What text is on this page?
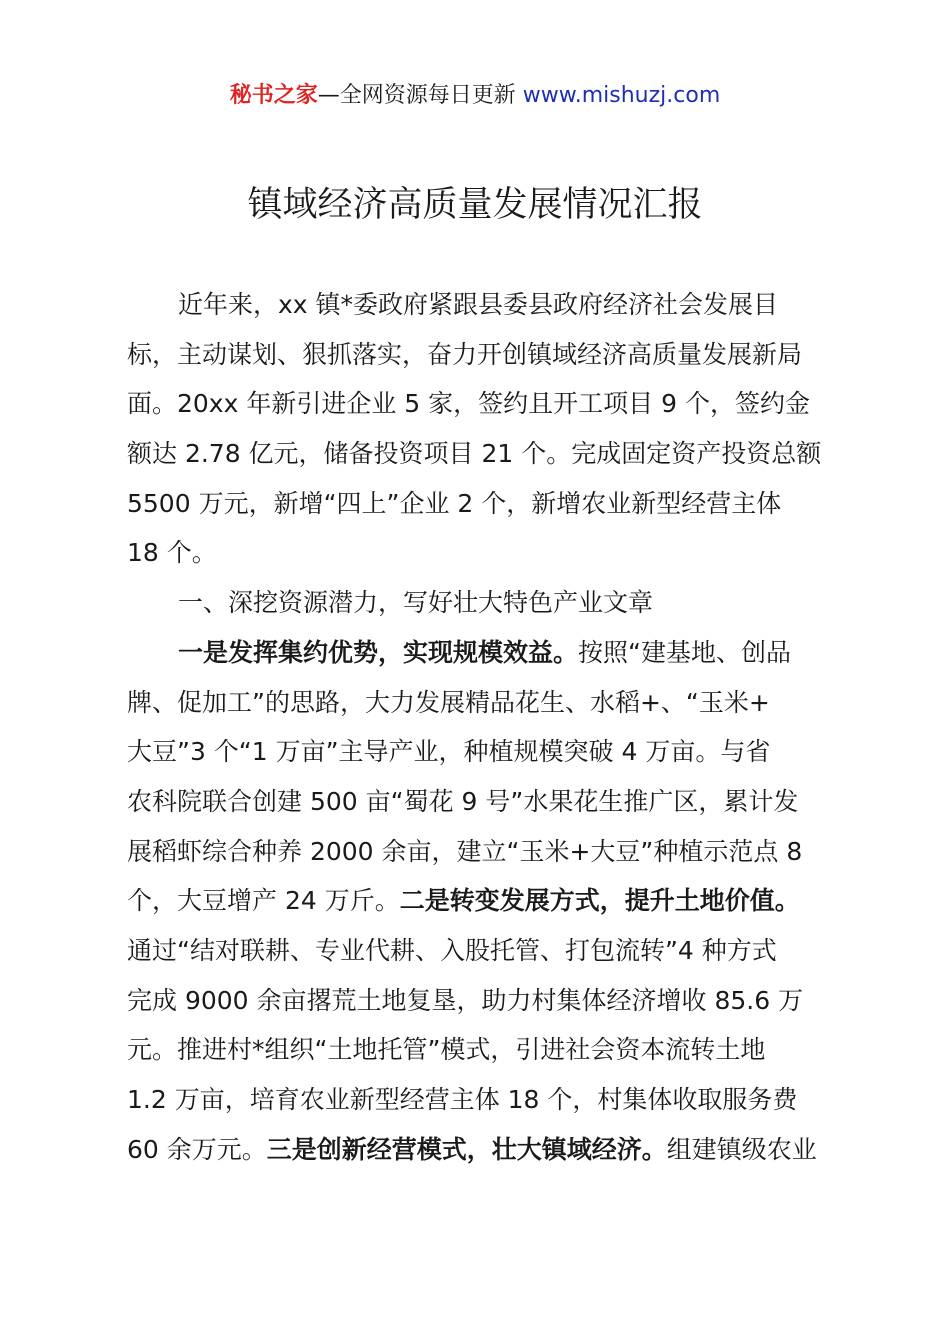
秘书之家—全网资源每日更新 www.mishuzj.com
镇域经济高质量发展情况汇报

近年来，xx 镇*委政府紧跟县委县政府经济社会发展目

标，主动谋划、狠抓落实，奋力开创镇域经济高质量发展新局

面。20xx 年新引进企业 5 家，签约且开工项目 9 个，签约金

额达 2.78 亿元，储备投资项目 21 个。完成固定资产投资总额

5500 万元，新增“四上”企业 2 个，新增农业新型经营主体

18 个。

一、深挖资源潜力，写好壮大特色产业文章

一是发挥集约优势，实现规模效益。按照“建基地、创品

牌、促加工”的思路，大力发展精品花生、水稻+、“玉米+

大豆”3 个“1 万亩”主导产业，种植规模突破 4 万亩。与省

农科院联合创建 500 亩“蜀花 9 号”水果花生推广区，累计发

展稻虾综合种养 2000 余亩，建立“玉米+大豆”种植示范点 8

个，大豆增产 24 万斤。二是转变发展方式，提升土地价值。

通过“结对联耕、专业代耕、入股托管、打包流转”4 种方式

完成 9000 余亩撂荒土地复垦，助力村集体经济增收 85.6 万

元。推进村*组织“土地托管”模式，引进社会资本流转土地

1.2 万亩，培育农业新型经营主体 18 个，村集体收取服务费

60 余万元。三是创新经营模式，壮大镇域经济。组建镇级农业
